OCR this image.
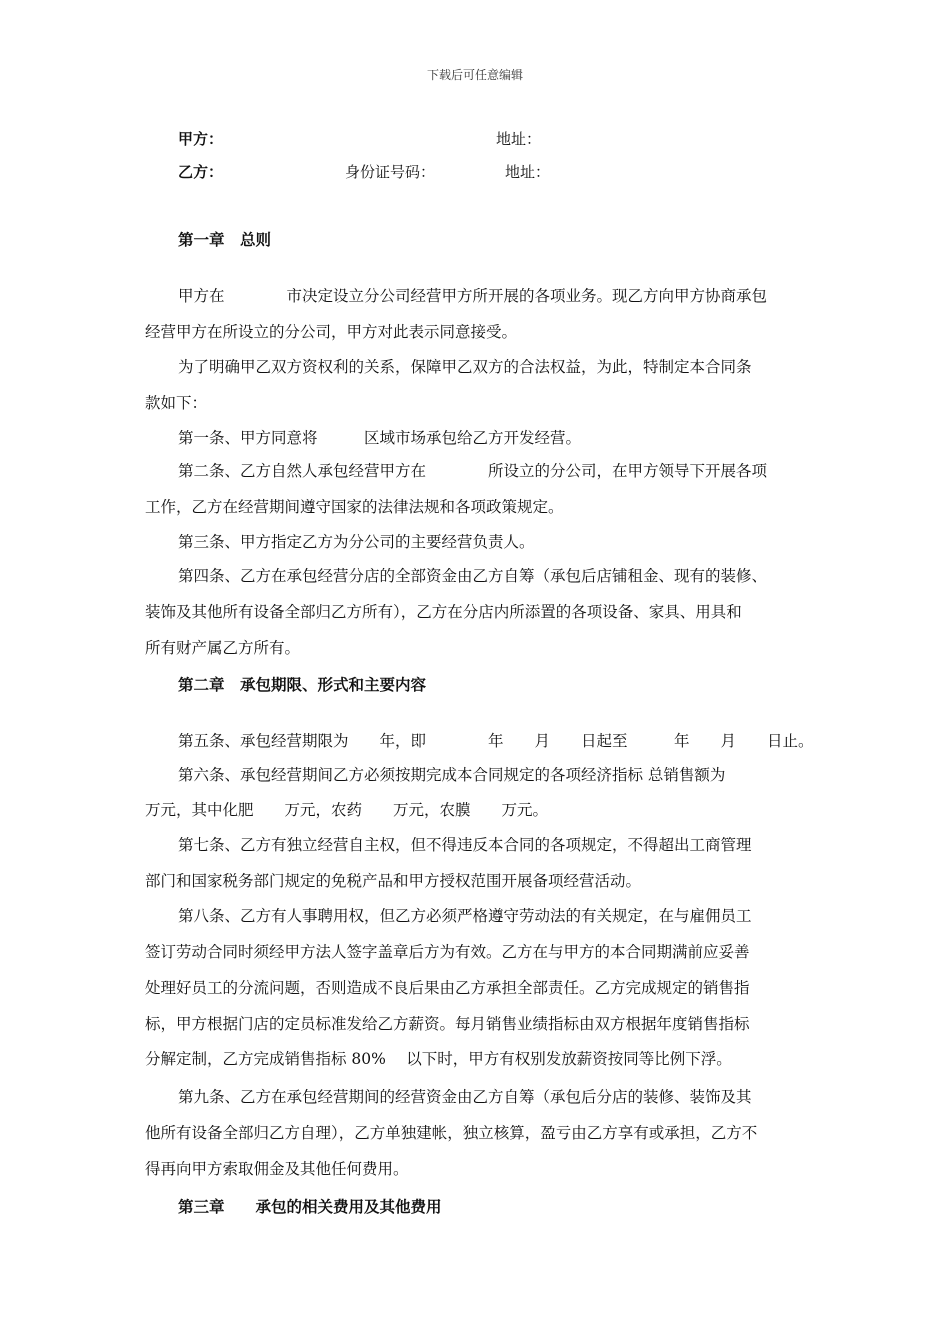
下载后可任意编辑
甲方：	地址：
乙方：	身份证号码：	地址：
第一章　总则
甲方在　　　　市决定设立分公司经营甲方所开展的各项业务。现乙方向甲方协商承包
经营甲方在所设立的分公司，甲方对此表示同意接受。
为了明确甲乙双方资权利的关系，保障甲乙双方的合法权益，为此，特制定本合同条
款如下：
第一条、甲方同意将　　　区域市场承包给乙方开发经营。
第二条、乙方自然人承包经营甲方在　　　　所设立的分公司，在甲方领导下开展各项
工作，乙方在经营期间遵守国家的法律法规和各项政策规定。
第三条、甲方指定乙方为分公司的主要经营负责人。
第四条、乙方在承包经营分店的全部资金由乙方自筹（承包后店铺租金、现有的装修、
装饰及其他所有设备全部归乙方所有），乙方在分店内所添置的各项设备、家具、用具和
所有财产属乙方所有。
第二章　承包期限、形式和主要内容
第五条、承包经营期限为　　年，即　　　　年　　月　　日起至　　　年　　月　　日止。
第六条、承包经营期间乙方必须按期完成本合同规定的各项经济指标 总销售额为
万元，其中化肥　　万元，农药　　万元，农膜　　万元。
第七条、乙方有独立经营自主权，但不得违反本合同的各项规定，不得超出工商管理
部门和国家税务部门规定的免税产品和甲方授权范围开展备项经营活动。
第八条、乙方有人事聘用权，但乙方必须严格遵守劳动法的有关规定，在与雇佣员工
签订劳动合同时须经甲方法人签字盖章后方为有效。乙方在与甲方的本合同期满前应妥善
处理好员工的分流问题，否则造成不良后果由乙方承担全部责任。乙方完成规定的销售指
标，甲方根据门店的定员标准发给乙方薪资。每月销售业绩指标由双方根据年度销售指标
分解定制，乙方完成销售指标 80%　 以下时，甲方有权别发放薪资按同等比例下浮。
第九条、乙方在承包经营期间的经营资金由乙方自筹（承包后分店的装修、装饰及其
他所有设备全部归乙方自理），乙方单独建帐，独立核算，盈亏由乙方享有或承担，乙方不
得再向甲方索取佣金及其他任何费用。
第三章　　承包的相关费用及其他费用
